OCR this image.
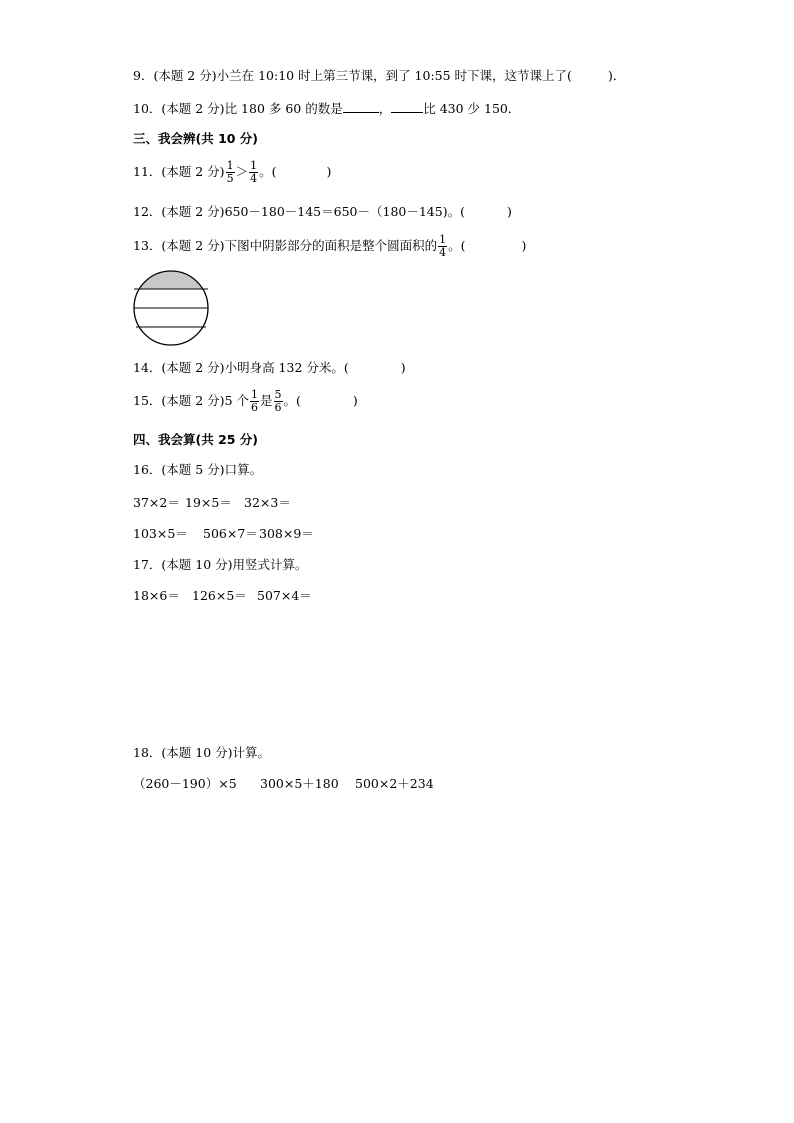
9．(本题 2 分)小兰在 10:10 时上第三节课，到了 10:55 时下课，这节课上了(	)．
10．(本题 2 分)比 180 多 60 的数是	，	比 430 少 150．
三、我会辨(共 10 分)
11．(本题 2 分) $\frac{1}{5} > \frac{1}{4}$ 。(	)
12．(本题 2 分)650－180－145＝650－（180－145)。(	)
13．(本题 2 分)下图中阴影部分的面积是整个圆面积的 $\frac{1}{4}$ 。(	)
14．(本题 2 分)小明身高 132 分米。(	)
15．(本题 2 分)5 个 $\frac{1}{6}$ 是 $\frac{5}{6}$ 。(	)
四、我会算(共 25 分)
16．(本题 5 分)口算。
37×2＝ 19×5＝ 32×3＝
103×5＝ 506×7＝308×9＝
17．(本题 10 分)用竖式计算。
18×6＝ 126×5＝ 507×4＝
18．(本题 10 分)计算。
（260－190）×5 300×5＋180 500×2＋234
